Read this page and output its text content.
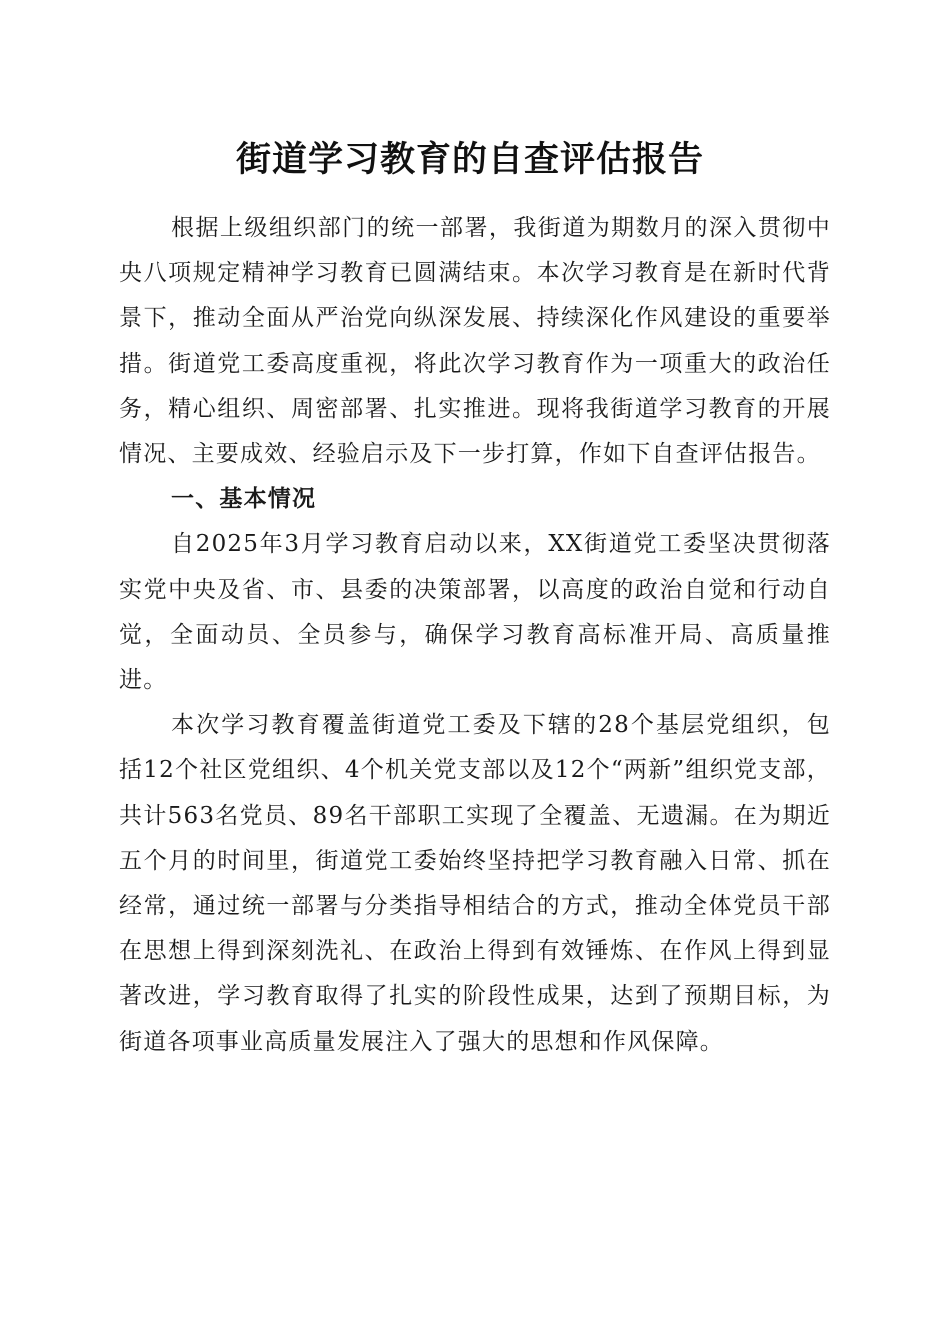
街道学习教育的自查评估报告

根据上级组织部门的统一部署，我街道为期数月的深入贯彻中央八项规定精神学习教育已圆满结束。本次学习教育是在新时代背景下，推动全面从严治党向纵深发展、持续深化作风建设的重要举措。街道党工委高度重视，将此次学习教育作为一项重大的政治任务，精心组织、周密部署、扎实推进。现将我街道学习教育的开展情况、主要成效、经验启示及下一步打算，作如下自查评估报告。

一、基本情况

自2025年3月学习教育启动以来，XX街道党工委坚决贯彻落实党中央及省、市、县委的决策部署，以高度的政治自觉和行动自觉，全面动员、全员参与，确保学习教育高标准开局、高质量推进。

本次学习教育覆盖街道党工委及下辖的28个基层党组织，包括12个社区党组织、4个机关党支部以及12个“两新”组织党支部，共计563名党员、89名干部职工实现了全覆盖、无遗漏。在为期近五个月的时间里，街道党工委始终坚持把学习教育融入日常、抓在经常，通过统一部署与分类指导相结合的方式，推动全体党员干部在思想上得到深刻洗礼、在政治上得到有效锤炼、在作风上得到显著改进，学习教育取得了扎实的阶段性成果，达到了预期目标，为街道各项事业高质量发展注入了强大的思想和作风保障。
